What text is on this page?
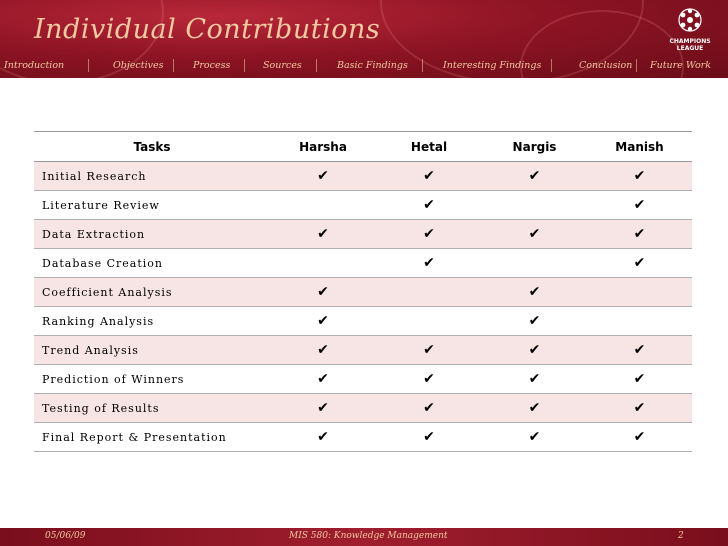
Individual Contributions	CHAMPIONS
LEAGUE
Introduction	Objectives	Process	Sources	Basic Findings	Interesting Findings	Conclusion Future Work
Tasks	Harsha	Hetal	Nargis	Manish
Initial Research	✔	✔	✔	✔
Literature Review		✔		✔
Data Extraction	✔	✔	✔	✔
Database Creation		✔		✔
Coefficient Analysis	✔		✔	
Ranking Analysis	✔		✔	
Trend Analysis	✔	✔	✔	✔
Prediction of Winners	✔	✔	✔	✔
Testing of Results	✔	✔	✔	✔
Final Report & Presentation	✔	✔	✔	✔
05/06/09	MIS 580: Knowledge Management	2
